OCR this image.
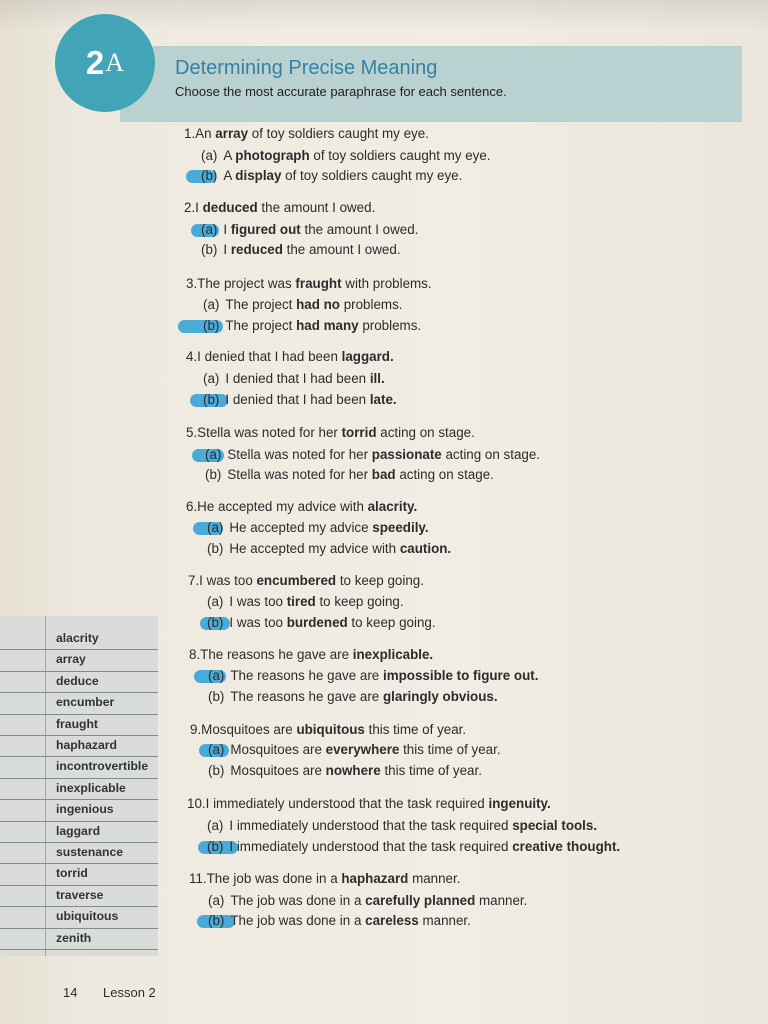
2 A	Determining Precise Meaning
Choose the most accurate paraphrase for each sentence.
1.An array of toy soldiers caught my eye.
(a) A photograph of toy soldiers caught my eye.
(b) A display of toy soldiers caught my eye.
2.I deduced the amount I owed.
(a) I figured out the amount I owed.
(b) I reduced the amount I owed.
3.The project was fraught with problems.
(a) The project had no problems.
(b) The project had many problems.
4.I denied that I had been laggard.
(a) I denied that I had been ill.
(b) I denied that I had been late.
5.Stella was noted for her torrid acting on stage.
(a) Stella was noted for her passionate acting on stage.
(b) Stella was noted for her bad acting on stage.
6.He accepted my advice with alacrity.
(a) He accepted my advice speedily.
(b) He accepted my advice with caution.
7.I was too encumbered to keep going.
(a) I was too tired to keep going.
(b) I was too burdened to keep going.
8.The reasons he gave are inexplicable.
(a) The reasons he gave are impossible to figure out.
(b) The reasons he gave are glaringly obvious.
9.Mosquitoes are ubiquitous this time of year.
(a) Mosquitoes are everywhere this time of year.
(b) Mosquitoes are nowhere this time of year.
10.I immediately understood that the task required ingenuity.
(a) I immediately understood that the task required special tools.
(b) I immediately understood that the task required creative thought.
11.The job was done in a haphazard manner.
(a) The job was done in a carefully planned manner.
(b) The job was done in a careless manner.
alacrity
array
deduce
encumber
fraught
haphazard
incontrovertible
inexplicable
ingenious
laggard
sustenance
torrid
traverse
ubiquitous
zenith
14 Lesson 2
